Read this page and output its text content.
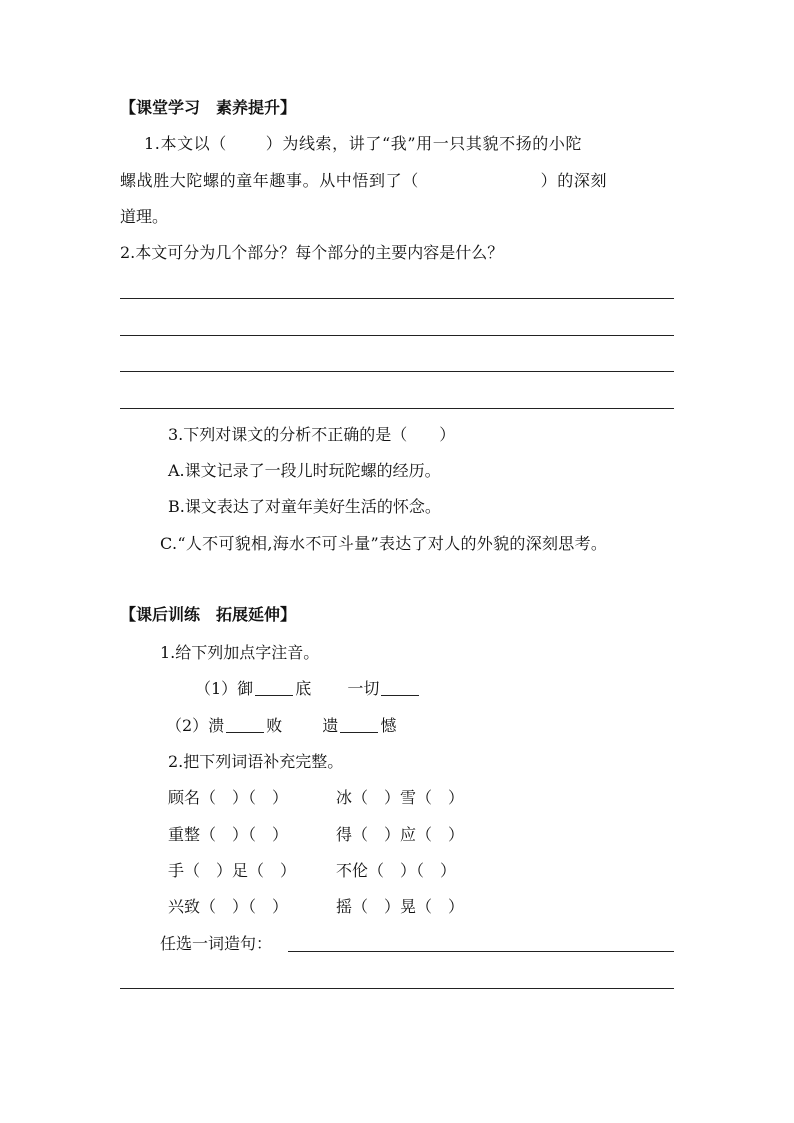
【课堂学习　素养提升】
1.本文以（　　 ）为线索，讲了“我”用一只其貌不扬的小陀
螺战胜大陀螺的童年趣事。从中悟到了（　　　　　　　 ）的深刻
道理。
2.本文可分为几个部分？每个部分的主要内容是什么？
3.下列对课文的分析不正确的是（　　）
A.课文记录了一段儿时玩陀螺的经历。
B.课文表达了对童年美好生活的怀念。
C.“人不可貌相,海水不可斗量”表达了对人的外貌的深刻思考。
【课后训练　拓展延伸】
1.给下列加点字注音。
（1）御	底 一切
（2）溃	败	遗	憾
2.把下列词语补充完整。
顾名（　）（　）	冰（　）雪（　）
重整（　）（　）	得（　）应（　）
手（　）足（　） 不伦（　）（　）
兴致（　）（　）	摇（　）晃（　）
任选一词造句：
